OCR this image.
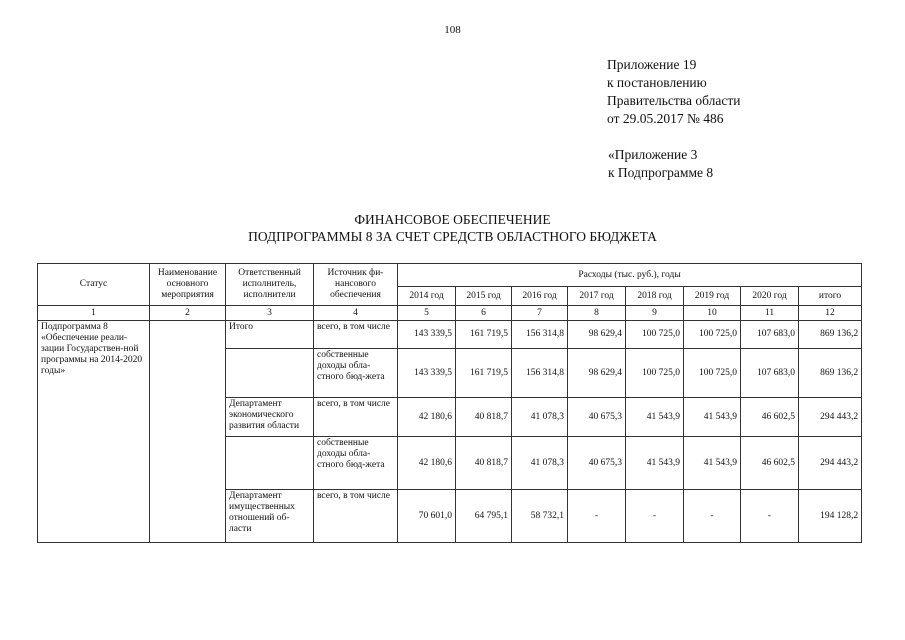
108
Приложение 19
к постановлению
Правительства области
от 29.05.2017 № 486
«Приложение 3
к Подпрограмме 8
ФИНАНСОВОЕ ОБЕСПЕЧЕНИЕ
ПОДПРОГРАММЫ 8 ЗА СЧЕТ СРЕДСТВ ОБЛАСТНОГО БЮДЖЕТА
Статус	Наименование основного мероприятия	Ответственный исполнитель, исполнители	Источник фи-нансового обеспечения	Расходы (тыс. руб.), годы							
				2014 год	2015 год	2016 год	2017 год	2018 год	2019 год	2020 год	итого
1	2	3	4	5	6	7	8	9	10	11	12
Подпрограмма 8 «Обеспечение реали-зации Государствен-ной программы на 2014-2020 годы»		Итого	всего, в том числе	143 339,5	161 719,5	156 314,8	98 629,4	100 725,0	100 725,0	107 683,0	869 136,2
			собственные доходы обла-стного бюд-жета	143 339,5	161 719,5	156 314,8	98 629,4	100 725,0	100 725,0	107 683,0	869 136,2
		Департамент экономического развития области	всего, в том числе	42 180,6	40 818,7	41 078,3	40 675,3	41 543,9	41 543,9	46 602,5	294 443,2
			собственные доходы обла-стного бюд-жета	42 180,6	40 818,7	41 078,3	40 675,3	41 543,9	41 543,9	46 602,5	294 443,2
		Департамент имущественных отношений об-ласти	всего, в том числе	70 601,0	64 795,1	58 732,1	-	-	-	-	194 128,2
